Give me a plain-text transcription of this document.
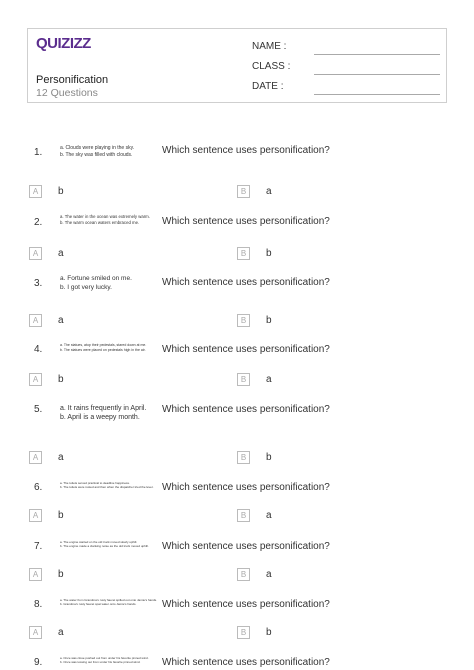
QUIZIZZ
Personification
12 Questions
NAME :
CLASS :
DATE :
1.	a. Clouds were playing in the sky.
b. The sky was filled with clouds.	Which sentence uses personification?
A	b	B	a
2.
a. The water in the ocean was extremely warm.
b. The warm ocean waters embraced me.	Which sentence uses personification?
A	a	B	b
3.	a. Fortune smiled on me.
b. I got very lucky.	Which sentence uses personification?
A	a	B	b
4.	a. The statues, atop their pedestals, stared down at me.
b. The statues were placed on pedestals high in the air.	Which sentence uses personification?
A	b	B	a
5.	a. It rains frequently in April.
b. April is a weepy month.
Which sentence uses personification?
A	a	B	b
6.	a. The toilets served practical to deadline happiness.
b. The toilets were rusted and then when the dispatcher tried the lever. Which sentence uses personification?
A	b	B	a
7.	a. The engine started on the old truck moved slowly uphill.
b. The engine made a clanking noise as the old truck moved uphill.	Which sentence uses personification?
A	b	B	a
8.	a. The water from Grandma's rusty faucet spilled out onto Jamie's hands.
b. Grandma's rusty faucet spat water onto Jamie's hands.	Which sentence uses personification?
A	a	B	b
9.	a. Once was close pushed out from under his favorite pinned wind.
b. Once was tossing out from under his favorite pinned wind.	Which sentence uses personification?
